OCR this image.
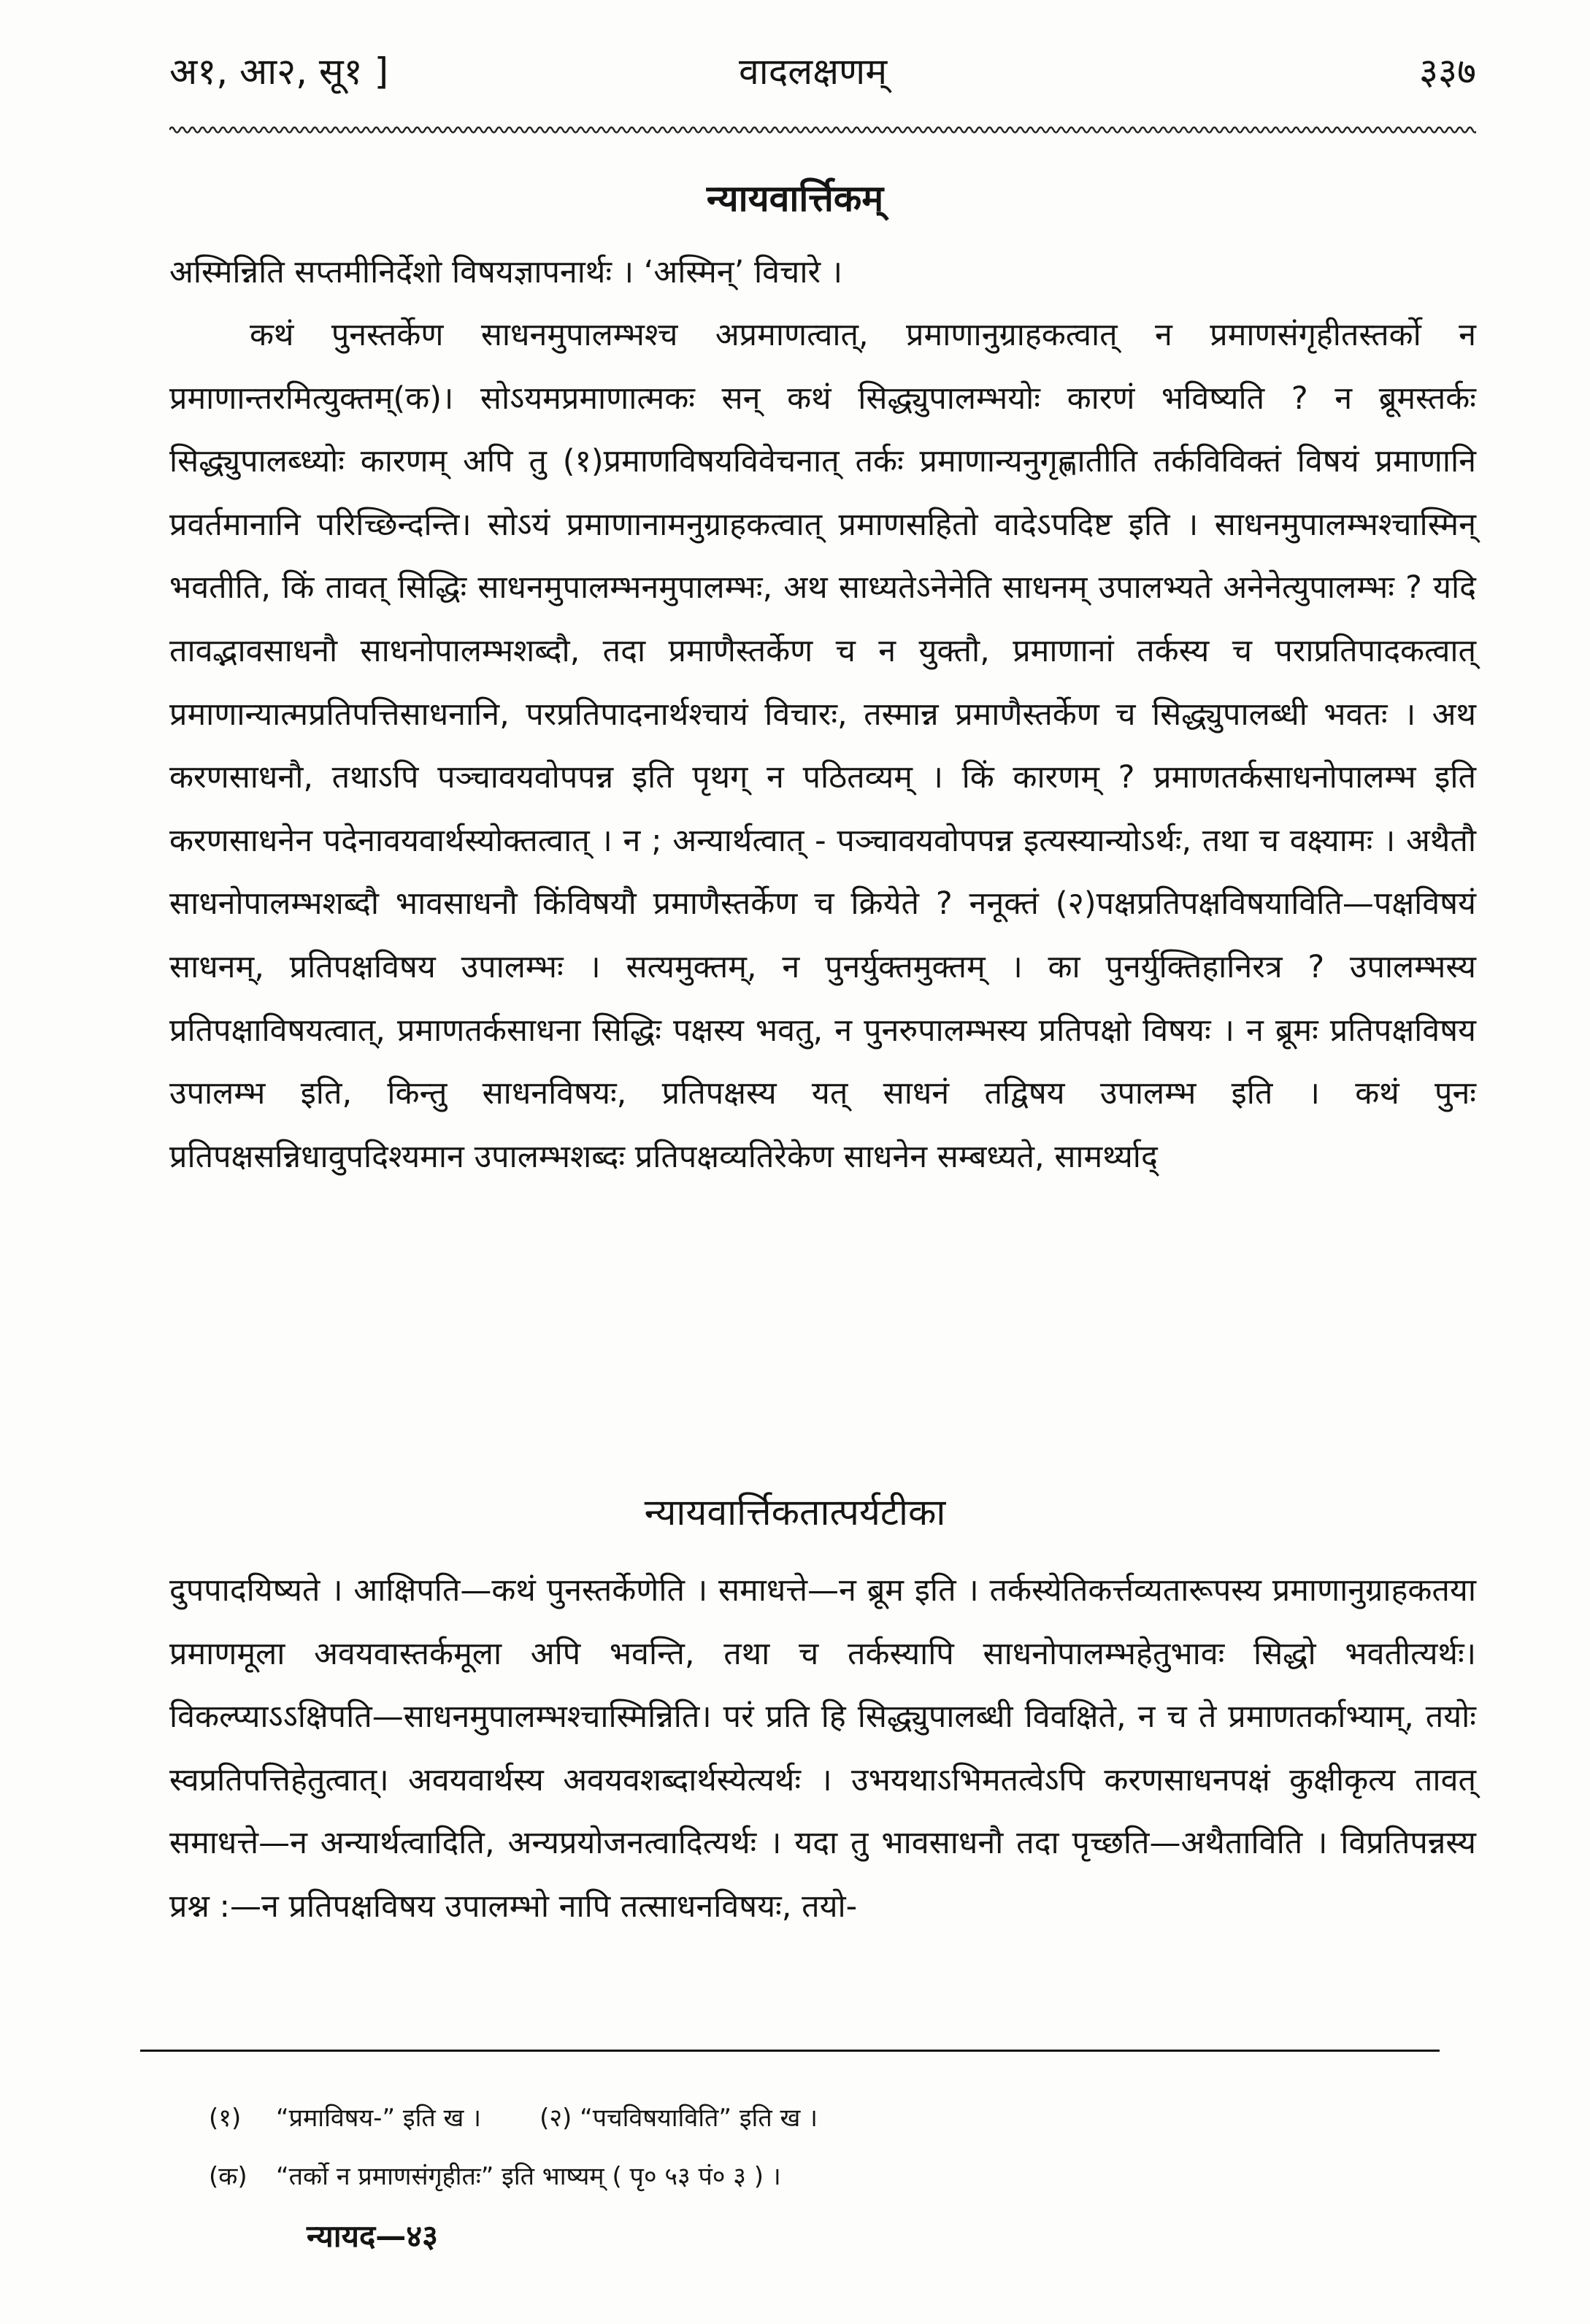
अ१, आ२, सू१ ]	वादलक्षणम्	३३७
न्यायवार्त्तिकम्

अस्मिन्निति सप्तमीनिर्देशो विषयज्ञापनार्थः । ‘अस्मिन्’ विचारे ।

कथं पुनस्तर्केण साधनमुपालम्भश्च अप्रमाणत्वात्, प्रमाणानुग्राहकत्वात् न प्रमाणसंगृहीतस्तर्को न प्रमाणान्तरमित्युक्तम्(क)। सोऽयमप्रमाणात्मकः सन् कथं सिद्ध्युपालम्भयोः कारणं भविष्यति ? न ब्रूमस्तर्कः सिद्ध्युपालब्ध्योः कारणम् अपि तु (१)प्रमाणविषयविवेचनात् तर्कः प्रमाणान्यनुगृह्णातीति तर्कविविक्तं विषयं प्रमाणानि प्रवर्तमानानि परिच्छिन्दन्ति। सोऽयं प्रमाणानामनुग्राहकत्वात् प्रमाणसहितो वादेऽपदिष्ट इति । साधनमुपालम्भश्चास्मिन् भवतीति, किं तावत् सिद्धिः साधनमुपालम्भनमुपालम्भः, अथ साध्यतेऽनेनेति साधनम् उपालभ्यते अनेनेत्युपालम्भः ? यदि तावद्भावसाधनौ साधनोपालम्भशब्दौ, तदा प्रमाणैस्तर्केण च न युक्तौ, प्रमाणानां तर्कस्य च पराप्रतिपादकत्वात् प्रमाणान्यात्मप्रतिपत्तिसाधनानि, परप्रतिपादनार्थश्चायं विचारः, तस्मान्न प्रमाणैस्तर्केण च सिद्ध्युपालब्धी भवतः । अथ करणसाधनौ, तथाऽपि पञ्चावयवोपपन्न इति पृथग् न पठितव्यम् । किं कारणम् ? प्रमाणतर्कसाधनोपालम्भ इति करणसाधनेन पदेनावयवार्थस्योक्तत्वात् । न ; अन्यार्थत्वात् - पञ्चावयवोपपन्न इत्यस्यान्योऽर्थः, तथा च वक्ष्यामः । अथैतौ साधनोपालम्भशब्दौ भावसाधनौ किंविषयौ प्रमाणैस्तर्केण च क्रियेते ? ननूक्तं (२)पक्षप्रतिपक्षविषयाविति—पक्षविषयं साधनम्, प्रतिपक्षविषय उपालम्भः । सत्यमुक्तम्, न पुनर्युक्तमुक्तम् । का पुनर्युक्तिहानिरत्र ? उपालम्भस्य प्रतिपक्षाविषयत्वात्, प्रमाणतर्कसाधना सिद्धिः पक्षस्य भवतु, न पुनरुपालम्भस्य प्रतिपक्षो विषयः । न ब्रूमः प्रतिपक्षविषय उपालम्भ इति, किन्तु साधनविषयः, प्रतिपक्षस्य यत् साधनं तद्विषय उपालम्भ इति । कथं पुनः प्रतिपक्षसन्निधावुपदिश्यमान उपालम्भशब्दः प्रतिपक्षव्यतिरेकेण साधनेन सम्बध्यते, सामर्थ्याद्

न्यायवार्त्तिकतात्पर्यटीका

दुपपादयिष्यते । आक्षिपति—कथं पुनस्तर्केणेति । समाधत्ते—न ब्रूम इति । तर्कस्येतिकर्त्तव्यतारूपस्य प्रमाणानुग्राहकतया प्रमाणमूला अवयवास्तर्कमूला अपि भवन्ति, तथा च तर्कस्यापि साधनोपालम्भहेतुभावः सिद्धो भवतीत्यर्थः। विकल्प्याऽऽक्षिपति—साधनमुपालम्भश्चास्मिन्निति। परं प्रति हि सिद्ध्युपालब्धी विवक्षिते, न च ते प्रमाणतर्काभ्याम्, तयोः स्वप्रतिपत्तिहेतुत्वात्। अवयवार्थस्य अवयवशब्दार्थस्येत्यर्थः । उभयथाऽभिमतत्वेऽपि करणसाधनपक्षं कुक्षीकृत्य तावत् समाधत्ते—न अन्यार्थत्वादिति, अन्यप्रयोजनत्वादित्यर्थः । यदा तु भावसाधनौ तदा पृच्छति—अथैताविति । विप्रतिपन्नस्य प्रश्न :—न प्रतिपक्षविषय उपालम्भो नापि तत्साधनविषयः, तयो-

(१) “प्रमाविषय-” इति ख । (२) “पचविषयाविति” इति ख ।
(क) “तर्को न प्रमाणसंगृहीतः” इति भाष्यम् ( पृ० ५३ पं० ३ ) ।
न्यायद—४३
